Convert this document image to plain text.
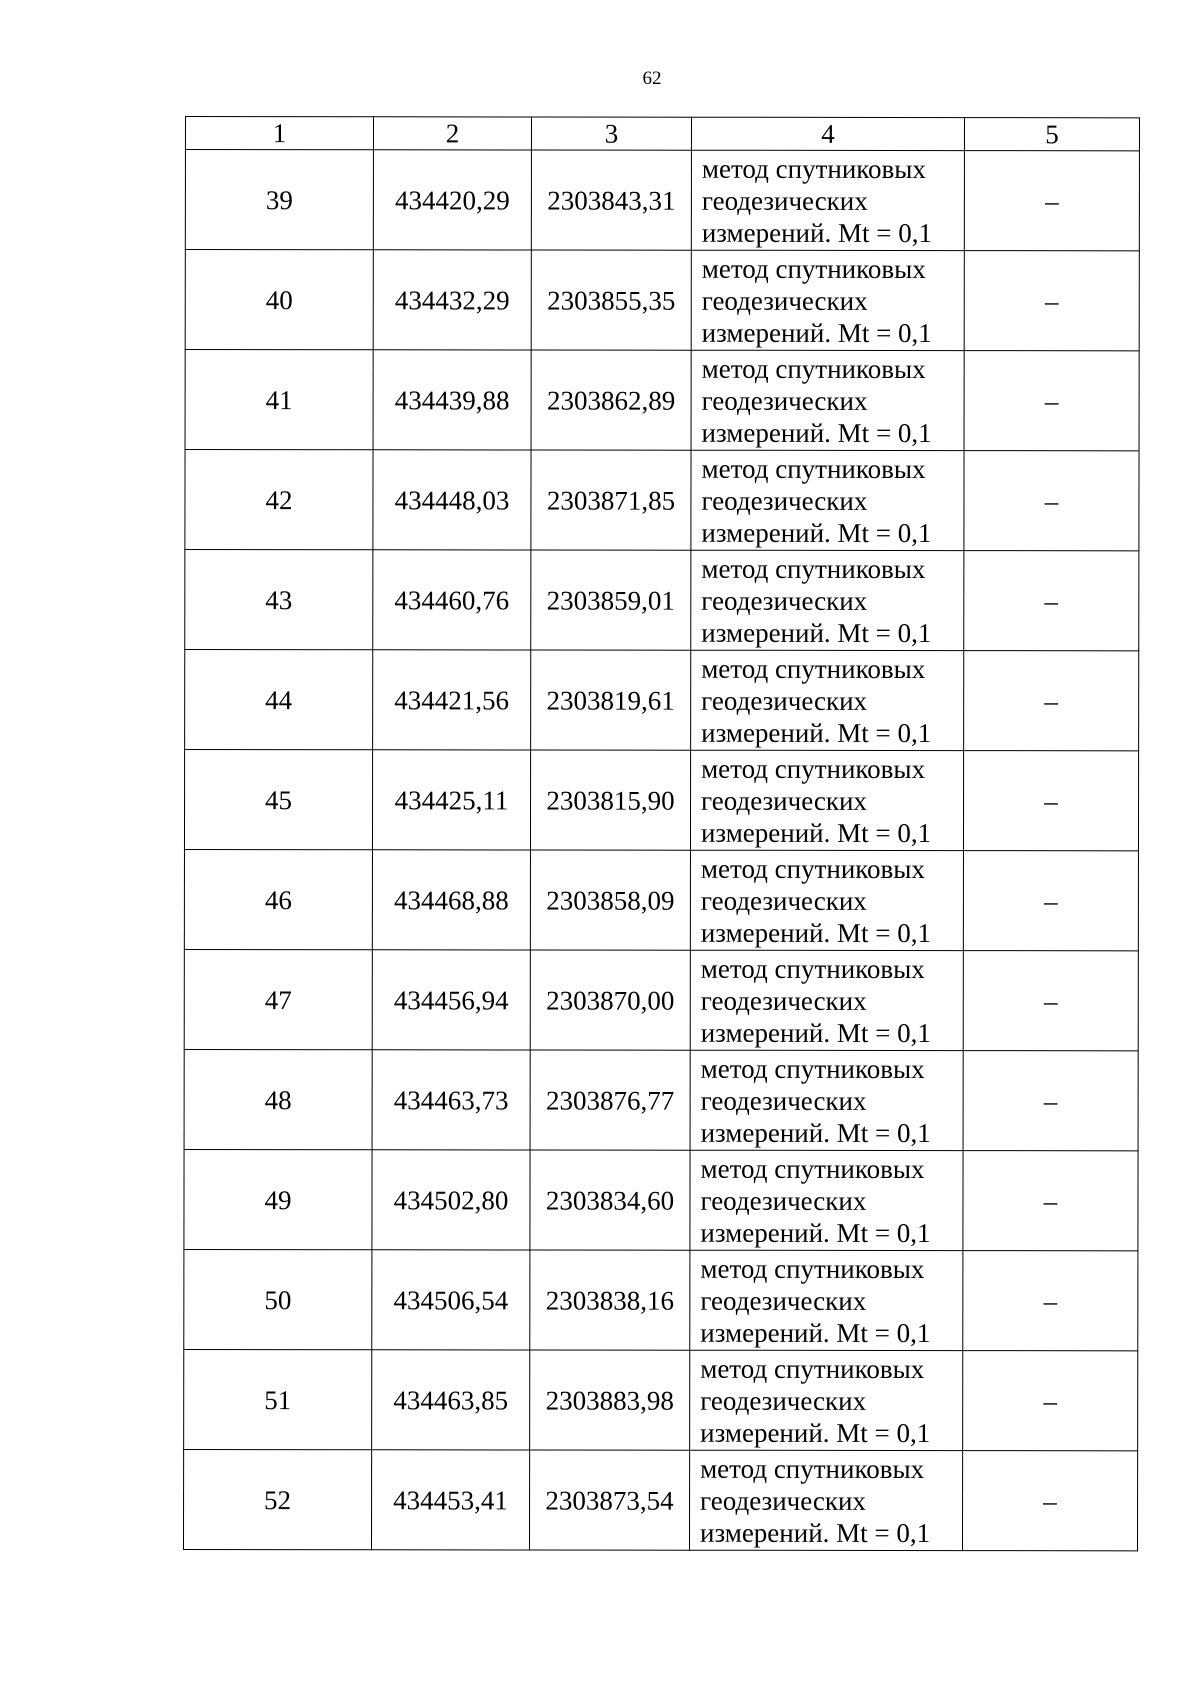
62
1	2	3	4	5
39	434420,29	2303843,31	метод спутниковых
геодезических
измерений. Mt = 0,1	–
40	434432,29	2303855,35	метод спутниковых
геодезических
измерений. Mt = 0,1	–
41	434439,88	2303862,89	метод спутниковых
геодезических
измерений. Mt = 0,1	–
42	434448,03	2303871,85	метод спутниковых
геодезических
измерений. Mt = 0,1	–
43	434460,76	2303859,01	метод спутниковых
геодезических
измерений. Mt = 0,1	–
44	434421,56	2303819,61	метод спутниковых
геодезических
измерений. Mt = 0,1	–
45	434425,11	2303815,90	метод спутниковых
геодезических
измерений. Mt = 0,1	–
46	434468,88	2303858,09	метод спутниковых
геодезических
измерений. Mt = 0,1	–
47	434456,94	2303870,00	метод спутниковых
геодезических
измерений. Mt = 0,1	–
48	434463,73	2303876,77	метод спутниковых
геодезических
измерений. Mt = 0,1	–
49	434502,80	2303834,60	метод спутниковых
геодезических
измерений. Mt = 0,1	–
50	434506,54	2303838,16	метод спутниковых
геодезических
измерений. Mt = 0,1	–
51	434463,85	2303883,98	метод спутниковых
геодезических
измерений. Mt = 0,1	–
52	434453,41	2303873,54	метод спутниковых
геодезических
измерений. Mt = 0,1	–
